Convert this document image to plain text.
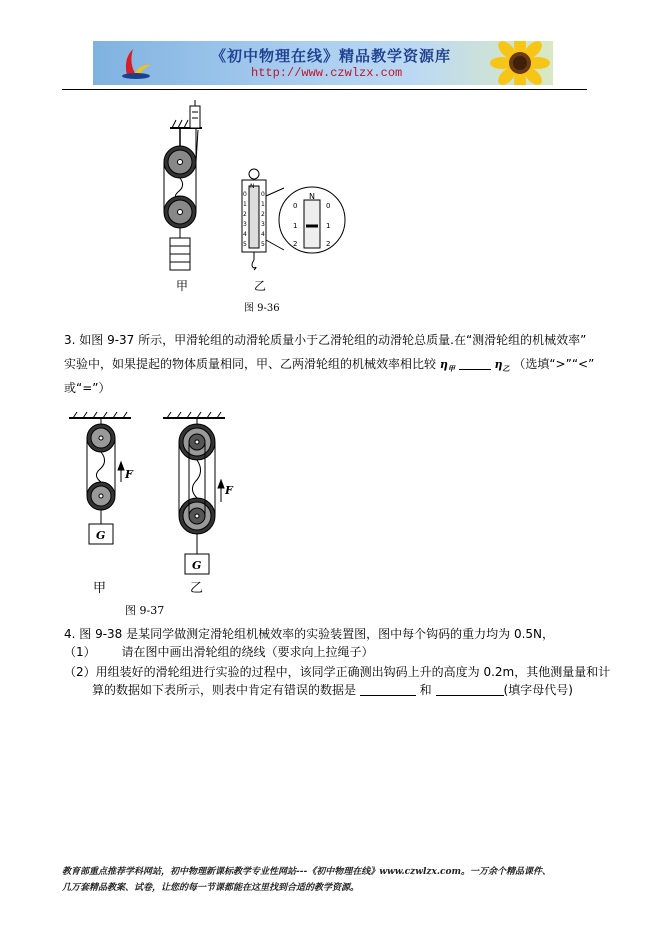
《初中物理在线》精品教学资源库
http://www.czwlzx.com
甲
N
0
1
2
3
4
5
0
1
2
3
4
5
N
0
1
2
0
1
2
乙
图 9-36
3. 如图 9-37 所示，甲滑轮组的动滑轮质量小于乙滑轮组的动滑轮总质量.在“测滑轮组的机械效率”
实验中，如果提起的物体质量相同，甲、乙两滑轮组的机械效率相比较 $\eta_甲$	$\eta_乙$ （选填“>”“<”
或“=”）
F
G
甲
F
G
乙
图 9-37
4. 图 9-38 是某同学做测定滑轮组机械效率的实验装置图，图中每个钩码的重力均为 0.5N，
（1） 请在图中画出滑轮组的绕线（要求向上拉绳子）
（2）用组装好的滑轮组进行实验的过程中，该同学正确测出钩码上升的高度为 0.2m，其他测量量和计
算的数据如下表所示，则表中肯定有错误的数据是	和	(填字母代号)
教育部重点推荐学科网站，初中物理新课标教学专业性网站---《初中物理在线》www.czwlzx.com。一万余个精品课件、
几万套精品教案、试卷，让您的每一节课都能在这里找到合适的教学资源。
